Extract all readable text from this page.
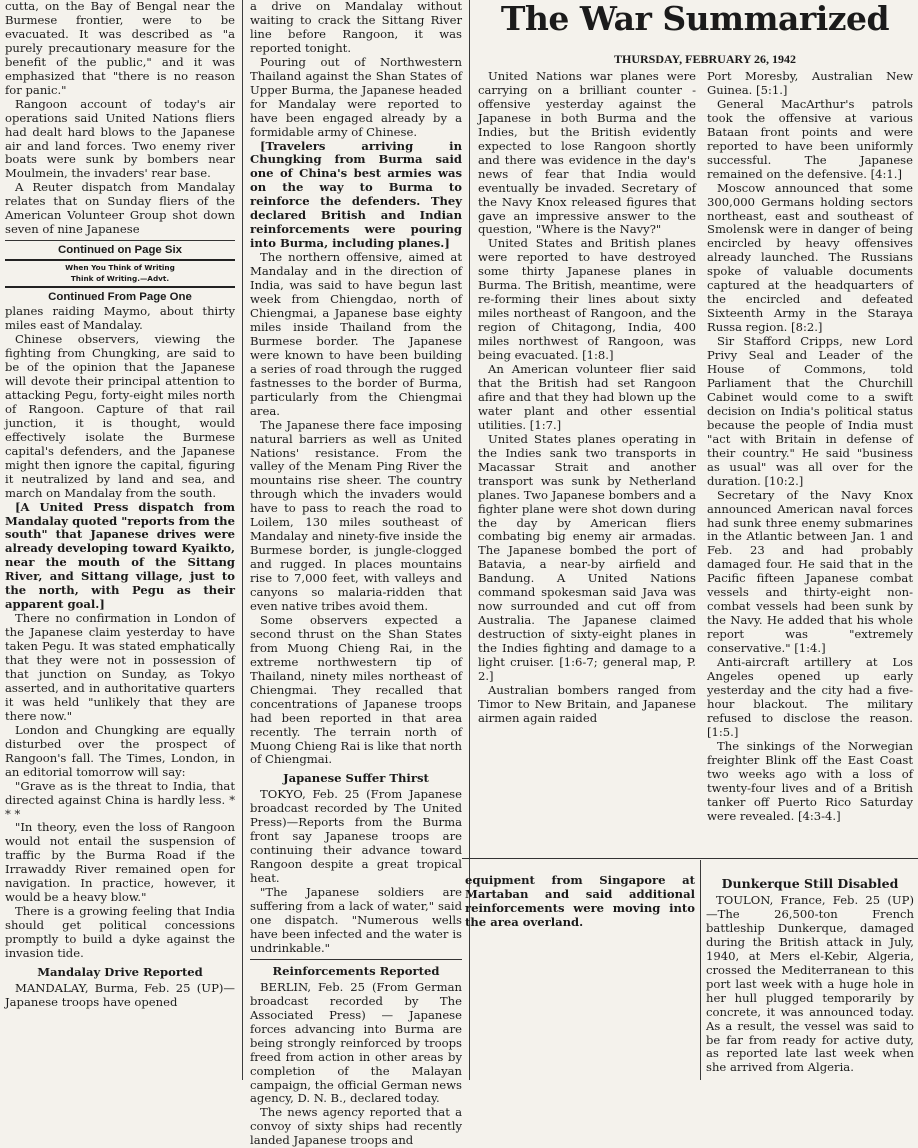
cutta, on the Bay of Bengal near the Burmese frontier, were to be evacuated. It was described as "a purely precautionary measure for the benefit of the public," and it was emphasized that "there is no reason for panic."

Rangoon account of today's air operations said United Nations fliers had dealt hard blows to the Japanese air and land forces. Two enemy river boats were sunk by bombers near Moulmein, the invaders' rear base.

A Reuter dispatch from Mandalay relates that on Sunday fliers of the American Volunteer Group shot down seven of nine Japanese

Continued on Page Six
When You Think of Writing
Think of Writing.—Advt.
Continued From Page One

planes raiding Maymo, about thirty miles east of Mandalay.

Chinese observers, viewing the fighting from Chungking, are said to be of the opinion that the Japanese will devote their principal attention to attacking Pegu, forty-eight miles north of Rangoon. Capture of that rail junction, it is thought, would effectively isolate the Burmese capital's defenders, and the Japanese might then ignore the capital, figuring it neutralized by land and sea, and march on Mandalay from the south.

[A United Press dispatch from Mandalay quoted "reports from the south" that Japanese drives were already developing toward Kyaikto, near the mouth of the Sittang River, and Sittang village, just to the north, with Pegu as their apparent goal.]

There no confirmation in London of the Japanese claim yesterday to have taken Pegu. It was stated emphatically that they were not in possession of that junction on Sunday, as Tokyo asserted, and in authoritative quarters it was held "unlikely that they are there now."

London and Chungking are equally disturbed over the prospect of Rangoon's fall. The Times, London, in an editorial tomorrow will say:

"Grave as is the threat to India, that directed against China is hardly less. * * *

"In theory, even the loss of Rangoon would not entail the suspension of traffic by the Burma Road if the Irrawaddy River remained open for navigation. In practice, however, it would be a heavy blow."

There is a growing feeling that India should get political concessions promptly to build a dyke against the invasion tide.

Mandalay Drive Reported

MANDALAY, Burma, Feb. 25 (UP)—Japanese troops have opened

a drive on Mandalay without waiting to crack the Sittang River line before Rangoon, it was reported tonight.

Pouring out of Northwestern Thailand against the Shan States of Upper Burma, the Japanese headed for Mandalay were reported to have been engaged already by a formidable army of Chinese.

[Travelers arriving in Chungking from Burma said one of China's best armies was on the way to Burma to reinforce the defenders. They declared British and Indian reinforcements were pouring into Burma, including planes.]

The northern offensive, aimed at Mandalay and in the direction of India, was said to have begun last week from Chiengdao, north of Chiengmai, a Japanese base eighty miles inside Thailand from the Burmese border. The Japanese were known to have been building a series of road through the rugged fastnesses to the border of Burma, particularly from the Chiengmai area.

The Japanese there face imposing natural barriers as well as United Nations' resistance. From the valley of the Menam Ping River the mountains rise sheer. The country through which the invaders would have to pass to reach the road to Loilem, 130 miles southeast of Mandalay and ninety-five inside the Burmese border, is jungle-clogged and rugged. In places mountains rise to 7,000 feet, with valleys and canyons so malaria-ridden that even native tribes avoid them.

Some observers expected a second thrust on the Shan States from Muong Chieng Rai, in the extreme northwestern tip of Thailand, ninety miles northeast of Chiengmai. They recalled that concentrations of Japanese troops had been reported in that area recently. The terrain north of Muong Chieng Rai is like that north of Chiengmai.

Japanese Suffer Thirst

TOKYO, Feb. 25 (From Japanese broadcast recorded by The United Press)—Reports from the Burma front say Japanese troops are continuing their advance toward Rangoon despite a great tropical heat.

"The Japanese soldiers are suffering from a lack of water," said one dispatch. "Numerous wells have been infected and the water is undrinkable."

Reinforcements Reported

BERLIN, Feb. 25 (From German broadcast recorded by The Associated Press) — Japanese forces advancing into Burma are being strongly reinforced by troops freed from action in other areas by completion of the Malayan campaign, the official German news agency, D. N. B., declared today.

The news agency reported that a convoy of sixty ships had recently landed Japanese troops and

The War Summarized
THURSDAY, FEBRUARY 26, 1942

United Nations war planes were carrying on a brilliant counter - offensive yesterday against the Japanese in both Burma and the Indies, but the British evidently expected to lose Rangoon shortly and there was evidence in the day's news of fear that India would eventually be invaded. Secretary of the Navy Knox released figures that gave an impressive answer to the question, "Where is the Navy?"

United States and British planes were reported to have destroyed some thirty Japanese planes in Burma. The British, meantime, were re-forming their lines about sixty miles northeast of Rangoon, and the region of Chitagong, India, 400 miles northwest of Rangoon, was being evacuated. [1:8.]

An American volunteer flier said that the British had set Rangoon afire and that they had blown up the water plant and other essential utilities. [1:7.]

United States planes operating in the Indies sank two transports in Macassar Strait and another transport was sunk by Netherland planes. Two Japanese bombers and a fighter plane were shot down during the day by American fliers combating big enemy air armadas. The Japanese bombed the port of Batavia, a near-by airfield and Bandung. A United Nations command spokesman said Java was now surrounded and cut off from Australia. The Japanese claimed destruction of sixty-eight planes in the Indies fighting and damage to a light cruiser. [1:6-7; general map, P. 2.]

Australian bombers ranged from Timor to New Britain, and Japanese airmen again raided

Port Moresby, Australian New Guinea. [5:1.]

General MacArthur's patrols took the offensive at various Bataan front points and were reported to have been uniformly successful. The Japanese remained on the defensive. [4:1.]

Moscow announced that some 300,000 Germans holding sectors northeast, east and southeast of Smolensk were in danger of being encircled by heavy offensives already launched. The Russians spoke of valuable documents captured at the headquarters of the encircled and defeated Sixteenth Army in the Staraya Russa region. [8:2.]

Sir Stafford Cripps, new Lord Privy Seal and Leader of the House of Commons, told Parliament that the Churchill Cabinet would come to a swift decision on India's political status because the people of India must "act with Britain in defense of their country." He said "business as usual" was all over for the duration. [10:2.]

Secretary of the Navy Knox announced American naval forces had sunk three enemy submarines in the Atlantic between Jan. 1 and Feb. 23 and had probably damaged four. He said that in the Pacific fifteen Japanese combat vessels and thirty-eight non-combat vessels had been sunk by the Navy. He added that his whole report was "extremely conservative." [1:4.]

Anti-aircraft artillery at Los Angeles opened up early yesterday and the city had a five-hour blackout. The military refused to disclose the reason. [1:5.]

The sinkings of the Norwegian freighter Blink off the East Coast two weeks ago with a loss of twenty-four lives and of a British tanker off Puerto Rico Saturday were revealed. [4:3-4.]

equipment from Singapore at Martaban and said additional reinforcements were moving into the area overland.

Dunkerque Still Disabled

TOULON, France, Feb. 25 (UP) —The 26,500-ton French battleship Dunkerque, damaged during the British attack in July, 1940, at Mers el-Kebir, Algeria, crossed the Mediterranean to this port last week with a huge hole in her hull plugged temporarily by concrete, it was announced today. As a result, the vessel was said to be far from ready for active duty, as reported late last week when she arrived from Algeria.
